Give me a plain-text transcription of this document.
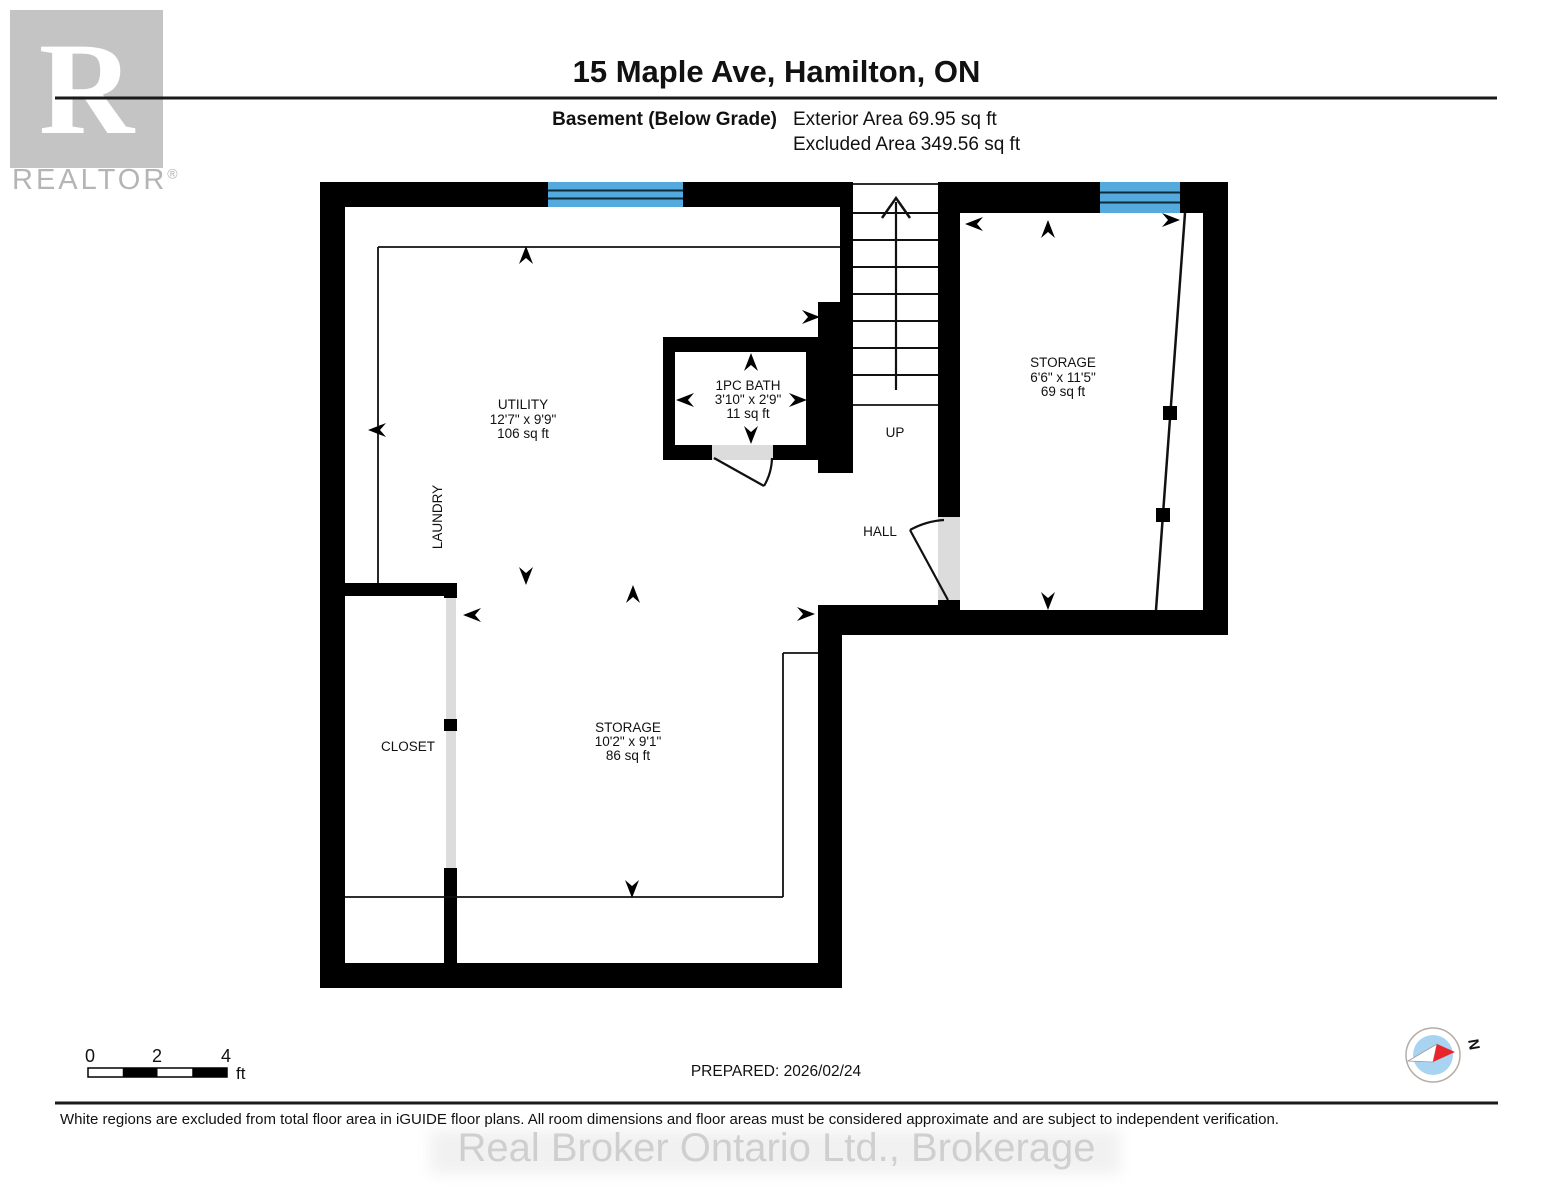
R
REALTOR®
15 Maple Ave, Hamilton, ON
Basement (Below Grade) Exterior Area 69.95 sq ft
Excluded Area 349.56 sq ft
White regions are excluded from total floor area in iGUIDE floor plans. All room dimensions and floor areas must be considered approximate and are subject to independent verification.
Real Broker Ontario Ltd., Brokerage
UTILITY
12'7" x 9'9"
106 sq ft
1PC BATH
3'10" x 2'9"
11 sq ft
STORAGE
6'6" x 11'5"
69 sq ft
STORAGE
10'2" x 9'1"
86 sq ft
CLOSET
LAUNDRY	HALL
UP
0	2	4
ft	PREPARED: 2026/02/24
N
